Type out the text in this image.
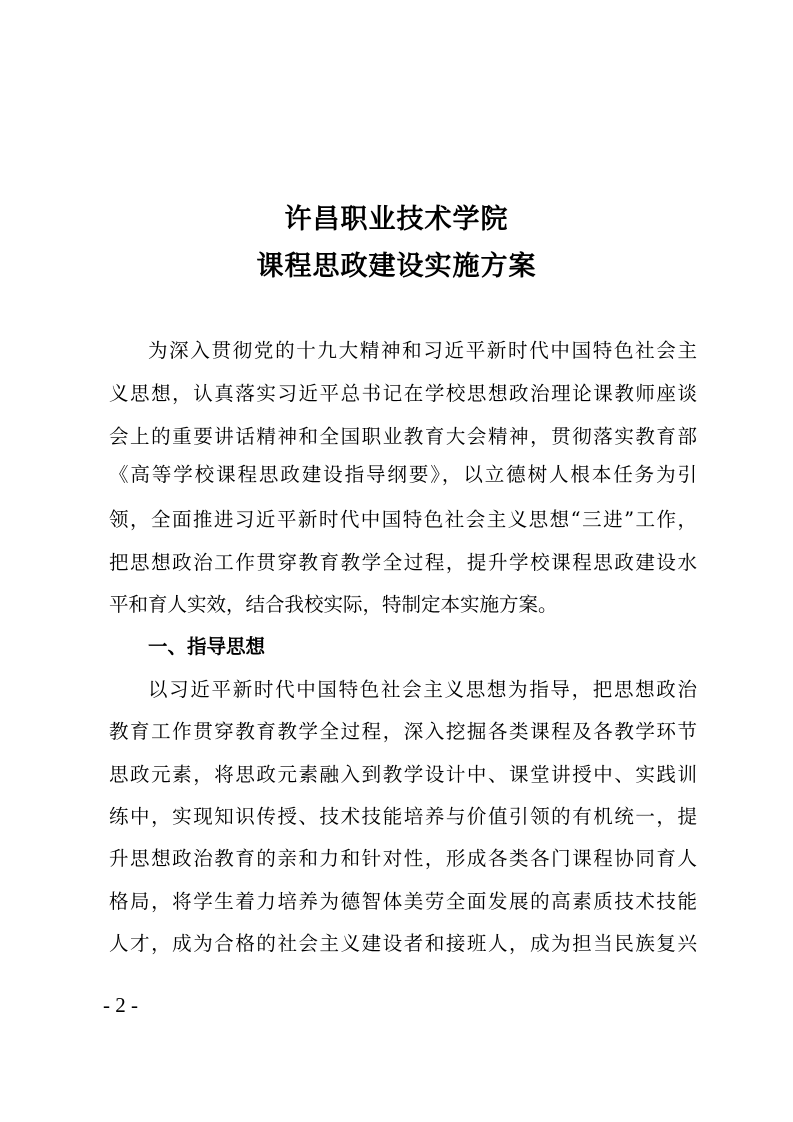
许昌职业技术学院
课程思政建设实施方案
为深入贯彻党的十九大精神和习近平新时代中国特色社会主
义思想，认真落实习近平总书记在学校思想政治理论课教师座谈
会上的重要讲话精神和全国职业教育大会精神，贯彻落实教育部
《高等学校课程思政建设指导纲要》，以立德树人根本任务为引
领，全面推进习近平新时代中国特色社会主义思想“三进”工作，
把思想政治工作贯穿教育教学全过程，提升学校课程思政建设水
平和育人实效，结合我校实际，特制定本实施方案。
一、指导思想
以习近平新时代中国特色社会主义思想为指导，把思想政治
教育工作贯穿教育教学全过程，深入挖掘各类课程及各教学环节
思政元素，将思政元素融入到教学设计中、课堂讲授中、实践训
练中，实现知识传授、技术技能培养与价值引领的有机统一，提
升思想政治教育的亲和力和针对性，形成各类各门课程协同育人
格局，将学生着力培养为德智体美劳全面发展的高素质技术技能
人才，成为合格的社会主义建设者和接班人，成为担当民族复兴
- 2 -
